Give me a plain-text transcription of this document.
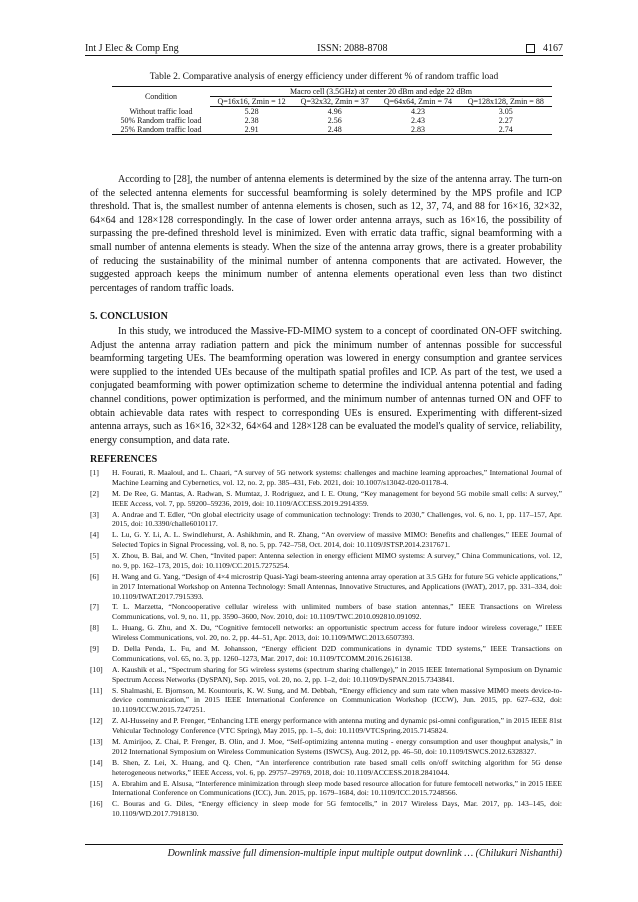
Int J Elec & Comp Eng	ISSN: 2088-8708	4167
Table 2. Comparative analysis of energy efficiency under different % of random traffic load
Condition	Macro cell (3.5GHz) at center 20 dBm and edge 22 dBm			
	Q=16x16, Zmin = 12	Q=32x32, Zmin = 37	Q=64x64, Zmin = 74	Q=128x128, Zmin = 88
Without traffic load	5.28	4.96	4.23	3.05
50% Random traffic load	2.38	2.56	2.43	2.27
25% Random traffic load	2.91	2.48	2.83	2.74

According to [28], the number of antenna elements is determined by the size of the antenna array. The turn-on of the selected antenna elements for successful beamforming is solely determined by the MPS profile and ICP threshold. That is, the smallest number of antenna elements is chosen, such as 12, 37, 74, and 88 for 16×16, 32×32, 64×64 and 128×128 correspondingly. In the case of lower order antenna arrays, such as 16×16, the possibility of surpassing the pre-defined threshold level is minimized. Even with erratic data traffic, signal beamforming with a small number of antenna elements is steady. When the size of the antenna array grows, there is a greater probability of reducing the sustainability of the minimal number of antenna components that are activated. However, the suggested approach keeps the minimum number of antenna elements operational even less than two distinct percentages of random traffic loads.

5. CONCLUSION

In this study, we introduced the Massive-FD-MIMO system to a concept of coordinated ON-OFF switching. Adjust the antenna array radiation pattern and pick the minimum number of antennas possible for successful beamforming targeting UEs. The beamforming operation was lowered in energy consumption and grantee services were supplied to the intended UEs because of the multipath spatial profiles and ICP. As part of the test, we used a conjugated beamforming with power optimization scheme to determine the individual antenna potential and fading channel conditions, power optimization is performed, and the minimum number of antennas turned ON and OFF to obtain achievable data rates with respect to corresponding UEs is ensured. Experimenting with different-sized antenna arrays, such as 16×16, 32×32, 64×64 and 128×128 can be evaluated the model's quality of service, reliability, energy consumption, and data rate.

REFERENCES
[1]	H. Fourati, R. Maaloul, and L. Chaari, “A survey of 5G network systems: challenges and machine learning approaches,” International Journal of Machine Learning and Cybernetics, vol. 12, no. 2, pp. 385–431, Feb. 2021, doi: 10.1007/s13042-020-01178-4.
[2]	M. De Ree, G. Mantas, A. Radwan, S. Mumtaz, J. Rodriguez, and I. E. Otung, “Key management for beyond 5G mobile small cells: A survey,” IEEE Access, vol. 7, pp. 59200–59236, 2019, doi: 10.1109/ACCESS.2019.2914359.
[3]	A. Andrae and T. Edler, “On global electricity usage of communication technology: Trends to 2030,” Challenges, vol. 6, no. 1, pp. 117–157, Apr. 2015, doi: 10.3390/challe6010117.
[4]	L. Lu, G. Y. Li, A. L. Swindlehurst, A. Ashikhmin, and R. Zhang, “An overview of massive MIMO: Benefits and challenges,” IEEE Journal of Selected Topics in Signal Processing, vol. 8, no. 5, pp. 742–758, Oct. 2014, doi: 10.1109/JSTSP.2014.2317671.
[5]	X. Zhou, B. Bai, and W. Chen, “Invited paper: Antenna selection in energy efficient MIMO systems: A survey,” China Communications, vol. 12, no. 9, pp. 162–173, 2015, doi: 10.1109/CC.2015.7275254.
[6]	H. Wang and G. Yang, “Design of 4×4 microstrip Quasi-Yagi beam-steering antenna array operation at 3.5 GHz for future 5G vehicle applications,” in 2017 International Workshop on Antenna Technology: Small Antennas, Innovative Structures, and Applications (iWAT), 2017, pp. 331–334, doi: 10.1109/IWAT.2017.7915393.
[7]	T. L. Marzetta, “Noncooperative cellular wireless with unlimited numbers of base station antennas,” IEEE Transactions on Wireless Communications, vol. 9, no. 11, pp. 3590–3600, Nov. 2010, doi: 10.1109/TWC.2010.092810.091092.
[8]	L. Huang, G. Zhu, and X. Du, “Cognitive femtocell networks: an opportunistic spectrum access for future indoor wireless coverage,” IEEE Wireless Communications, vol. 20, no. 2, pp. 44–51, Apr. 2013, doi: 10.1109/MWC.2013.6507393.
[9]	D. Della Penda, L. Fu, and M. Johansson, “Energy efficient D2D communications in dynamic TDD systems,” IEEE Transactions on Communications, vol. 65, no. 3, pp. 1260–1273, Mar. 2017, doi: 10.1109/TCOMM.2016.2616138.
[10]	A. Kaushik et al., “Spectrum sharing for 5G wireless systems (spectrum sharing challenge),” in 2015 IEEE International Symposium on Dynamic Spectrum Access Networks (DySPAN), Sep. 2015, vol. 20, no. 2, pp. 1–2, doi: 10.1109/DySPAN.2015.7343841.
[11]	S. Shalmashi, E. Bjornson, M. Kountouris, K. W. Sung, and M. Debbah, “Energy efficiency and sum rate when massive MIMO meets device-to-device communication,” in 2015 IEEE International Conference on Communication Workshop (ICCW), Jun. 2015, pp. 627–632, doi: 10.1109/ICCW.2015.7247251.
[12]	Z. Al-Husseiny and P. Frenger, “Enhancing LTE energy performance with antenna muting and dynamic psi-omni configuration,” in 2015 IEEE 81st Vehicular Technology Conference (VTC Spring), May 2015, pp. 1–5, doi: 10.1109/VTCSpring.2015.7145824.
[13]	M. Amirijoo, Z. Chai, P. Frenger, B. Olin, and J. Moe, “Self-optimizing antenna muting - energy consumption and user thoughput analysis,” in 2012 International Symposium on Wireless Communication Systems (ISWCS), Aug. 2012, pp. 46–50, doi: 10.1109/ISWCS.2012.6328327.
[14]	B. Shen, Z. Lei, X. Huang, and Q. Chen, “An interference contribution rate based small cells on/off switching algorithm for 5G dense heterogeneous networks,” IEEE Access, vol. 6, pp. 29757–29769, 2018, doi: 10.1109/ACCESS.2018.2841044.
[15]	A. Ebrahim and E. Alsusa, “Interference minimization through sleep mode based resource allocation for future femtocell networks,” in 2015 IEEE International Conference on Communications (ICC), Jun. 2015, pp. 1679–1684, doi: 10.1109/ICC.2015.7248566.
[16]	C. Bouras and G. Diles, “Energy efficiency in sleep mode for 5G femtocells,” in 2017 Wireless Days, Mar. 2017, pp. 143–145, doi: 10.1109/WD.2017.7918130.
Downlink massive full dimension-multiple input multiple output downlink … (Chilukuri Nishanthi)
